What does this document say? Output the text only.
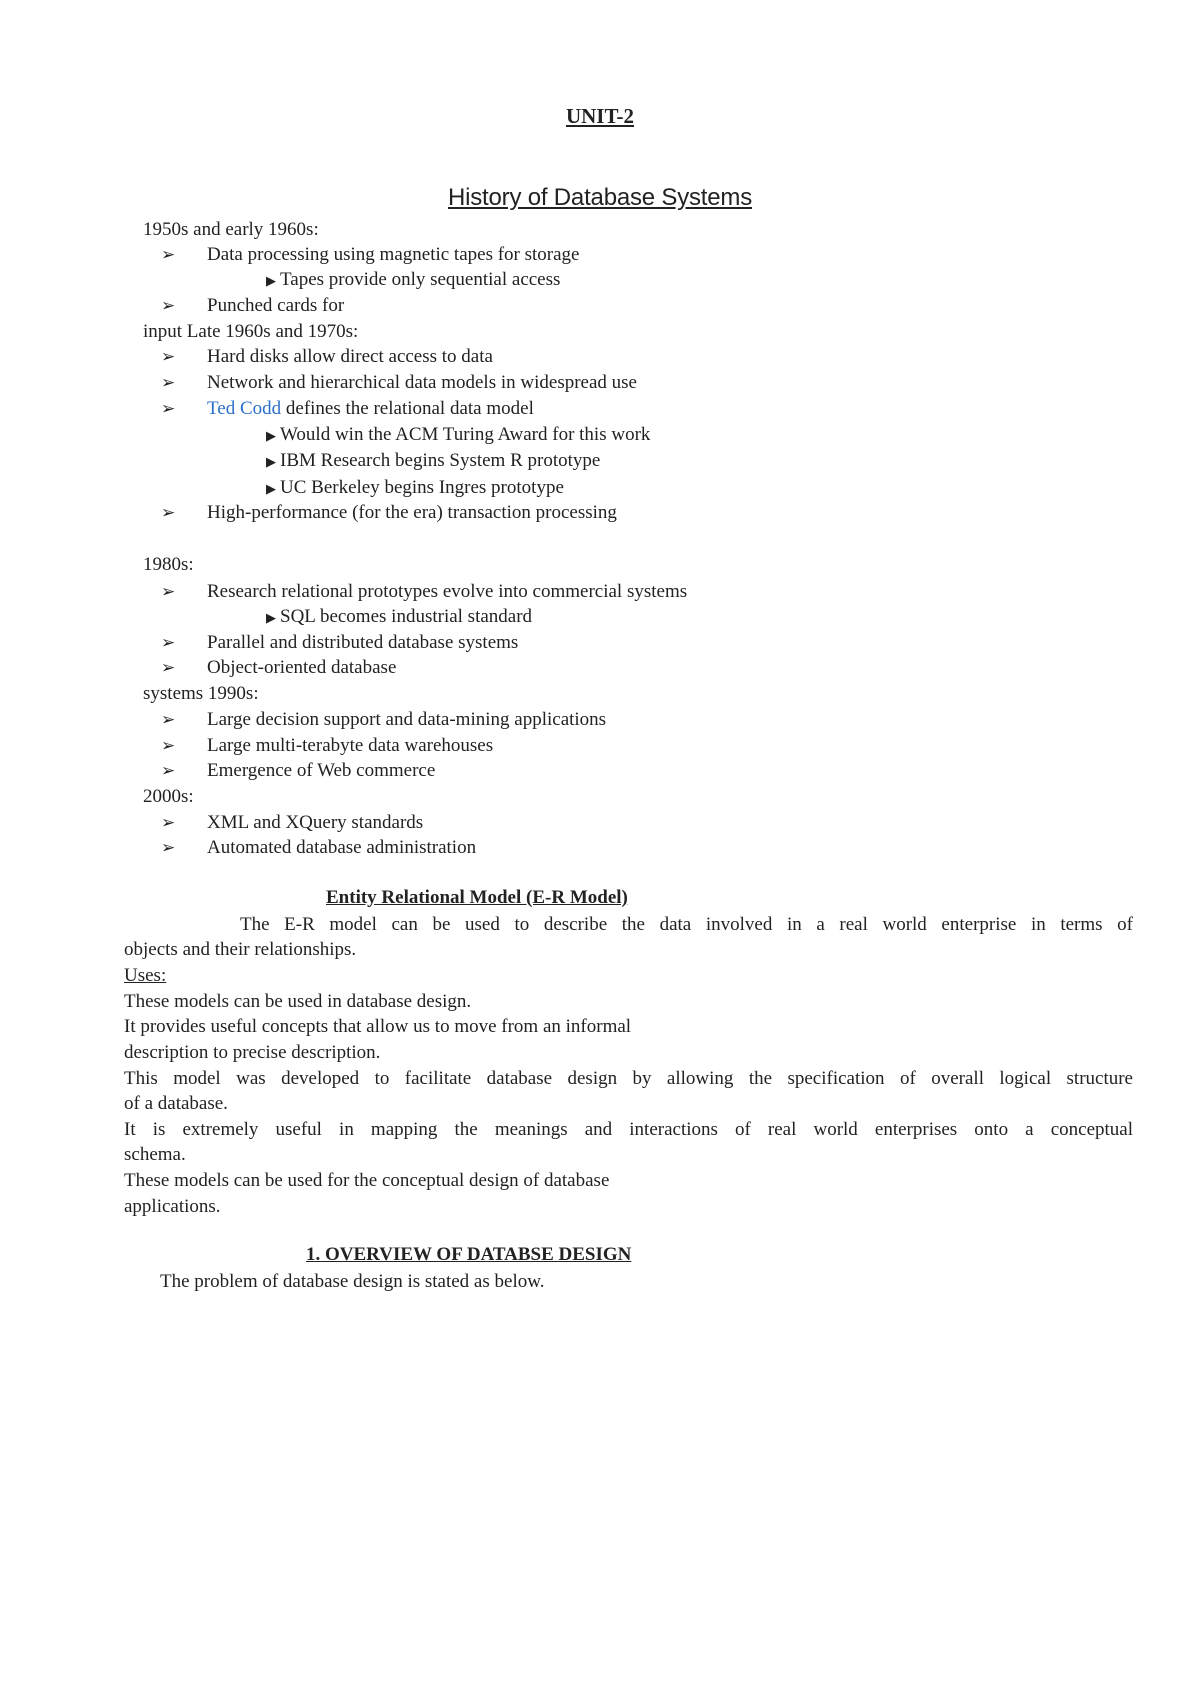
UNIT-2
History of Database Systems
1950s and early 1960s:
➢ Data processing using magnetic tapes for storage
▶ Tapes provide only sequential access
➢ Punched cards for
input Late 1960s and 1970s:
➢ Hard disks allow direct access to data
➢ Network and hierarchical data models in widespread use
➢ Ted Codd defines the relational data model
▶ Would win the ACM Turing Award for this work
▶ IBM Research begins System R prototype
▶ UC Berkeley begins Ingres prototype
➢ High-performance (for the era) transaction processing
1980s:
➢ Research relational prototypes evolve into commercial systems
▶ SQL becomes industrial standard
➢ Parallel and distributed database systems
➢ Object-oriented database
systems 1990s:
➢ Large decision support and data-mining applications
➢ Large multi-terabyte data warehouses
➢ Emergence of Web commerce
2000s:
➢ XML and XQuery standards
➢ Automated database administration
Entity Relational Model (E-R Model)
The E-R model can be used to describe the data involved in a real world enterprise in terms of
objects and their relationships.
Uses:
These models can be used in database design.
It provides useful concepts that allow us to move from an informal
description to precise description.
This model was developed to facilitate database design by allowing the specification of overall logical structure
of a database.
It is extremely useful in mapping the meanings and interactions of real world enterprises onto a conceptual
schema.
These models can be used for the conceptual design of database
applications.
1. OVERVIEW OF DATABSE DESIGN
The problem of database design is stated as below.
